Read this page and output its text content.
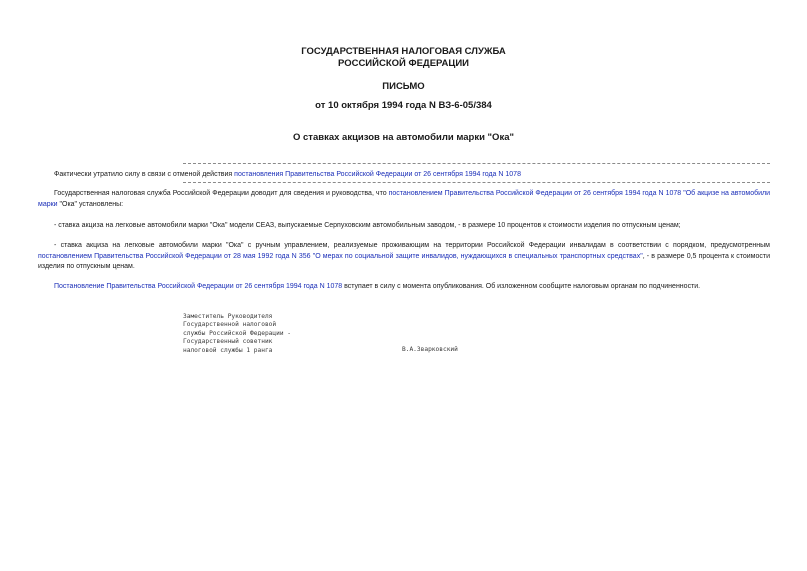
ГОСУДАРСТВЕННАЯ НАЛОГОВАЯ СЛУЖБА
РОССИЙСКОЙ ФЕДЕРАЦИИ
ПИСЬМО
от 10 октября 1994 года N ВЗ-6-05/384
О ставках акцизов на автомобили марки "Ока"
Фактически утратило силу в связи с отменой действия постановления Правительства Российской Федерации от 26 сентября 1994 года N 1078
Государственная налоговая служба Российской Федерации доводит для сведения и руководства, что постановлением Правительства Российской Федерации от 26 сентября 1994 года N 1078 "Об акцизе на автомобили марки "Ока" установлены:
- ставка акциза на легковые автомобили марки "Ока" модели СЕАЗ, выпускаемые Серпуховским автомобильным заводом, - в размере 10 процентов к стоимости изделия по отпускным ценам;
- ставка акциза на легковые автомобили марки "Ока" с ручным управлением, реализуемые проживающим на территории Российской Федерации инвалидам в соответствии с порядком, предусмотренным постановлением Правительства Российской Федерации от 28 мая 1992 года N 356 "О мерах по социальной защите инвалидов, нуждающихся в специальных транспортных средствах", - в размере 0,5 процента к стоимости изделия по отпускным ценам.
Постановление Правительства Российской Федерации от 26 сентября 1994 года N 1078 вступает в силу с момента опубликования. Об изложенном сообщите налоговым органам по подчиненности.
Заместитель Руководителя
Государственной налоговой
службы Российской Федерации -
Государственный советник
налоговой службы 1 ранга	В.А.Зварковский
